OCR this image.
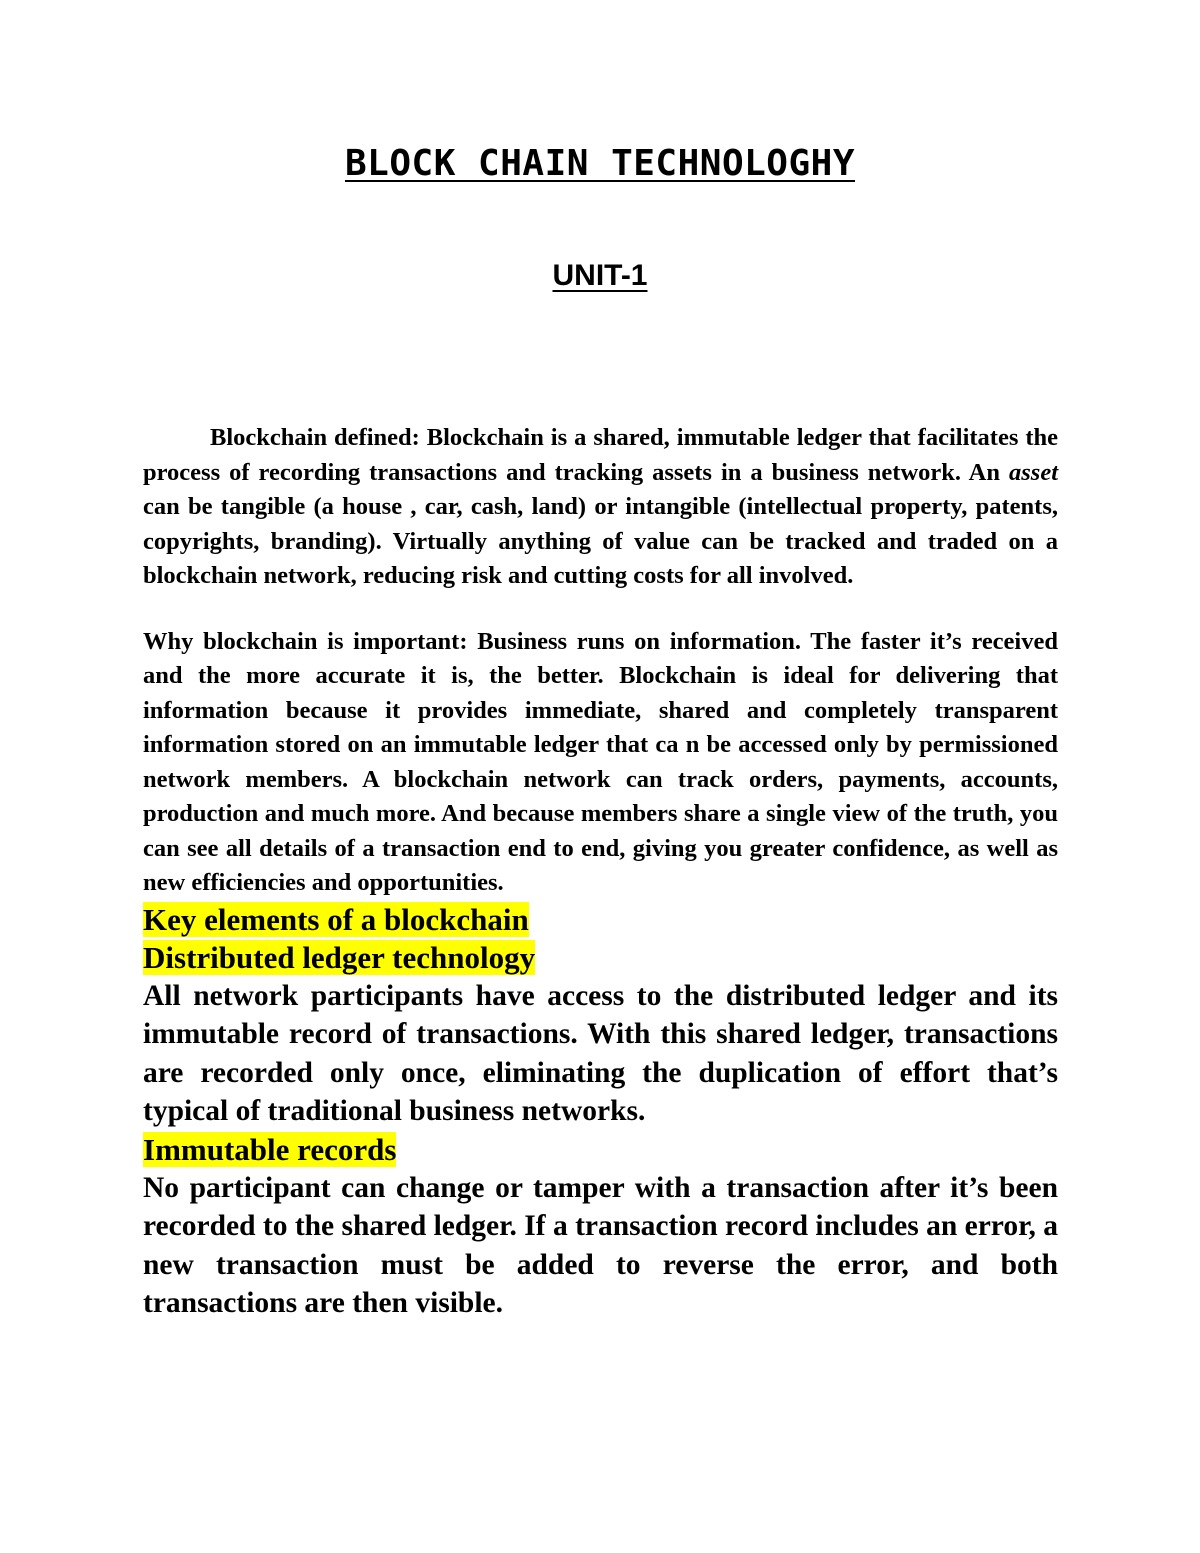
BLOCK CHAIN TECHNOLOGHY
UNIT-1

Blockchain defined: Blockchain is a shared, immutable ledger that facilitates the process of recording transactions and tracking assets in a business network. An asset can be tangible (a house , car, cash, land) or intangible (intellectual property, patents, copyrights, branding). Virtually anything of value can be tracked and traded on a blockchain network, reducing risk and cutting costs for all involved.

Why blockchain is important: Business runs on information. The faster it’s received and the more accurate it is, the better. Blockchain is ideal for delivering that information because it provides immediate, shared and completely transparent information stored on an immutable ledger that ca n be accessed only by permissioned network members. A blockchain network can track orders, payments, accounts, production and much more. And because members share a single view of the truth, you can see all details of a transaction end to end, giving you greater confidence, as well as new efficiencies and opportunities.

Key elements of a blockchain

Distributed ledger technology

All network participants have access to the distributed ledger and its immutable record of transactions. With this shared ledger, transactions are recorded only once, eliminating the duplication of effort that’s typical of traditional business networks.

Immutable records

No participant can change or tamper with a transaction after it’s been recorded to the shared ledger. If a transaction record includes an error, a new transaction must be added to reverse the error, and both transactions are then visible.
